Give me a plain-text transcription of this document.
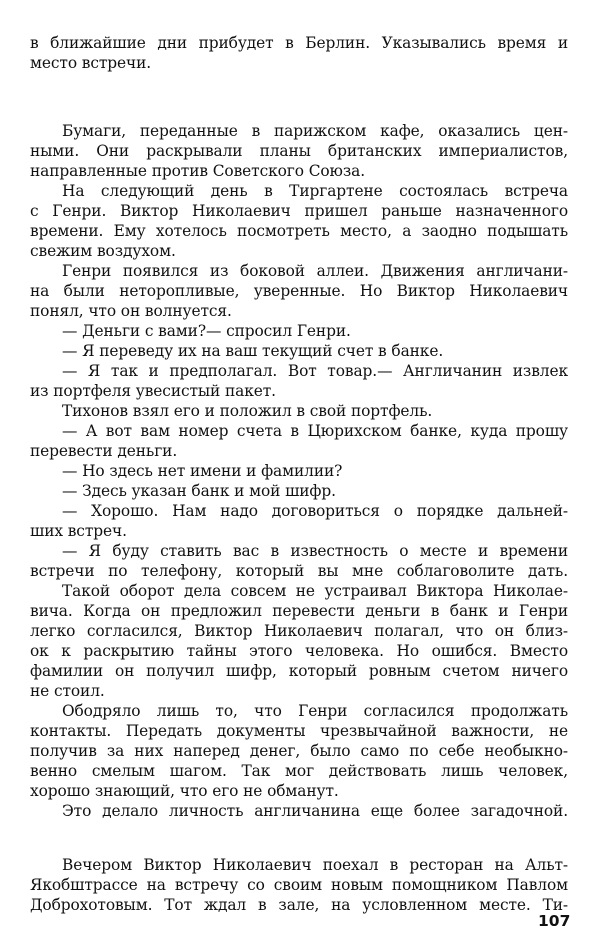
в ближайшие дни прибудет в Берлин. Указывались время и
место встречи.
Бумаги, переданные в парижском кафе, оказались цен-
ными. Они раскрывали планы британских империалистов,
направленные против Советского Союза.
На следующий день в Тиргартене состоялась встреча
с Генри. Виктор Николаевич пришел раньше назначенного
времени. Ему хотелось посмотреть место, а заодно подышать
свежим воздухом.
Генри появился из боковой аллеи. Движения англичани-
на были неторопливые, уверенные. Но Виктор Николаевич
понял, что он волнуется.
— Деньги с вами?— спросил Генри.
— Я переведу их на ваш текущий счет в банке.
— Я так и предполагал. Вот товар.— Англичанин извлек
из портфеля увесистый пакет.
Тихонов взял его и положил в свой портфель.
— А вот вам номер счета в Цюрихском банке, куда прошу
перевести деньги.
— Но здесь нет имени и фамилии?
— Здесь указан банк и мой шифр.
— Хорошо. Нам надо договориться о порядке дальней-
ших встреч.
— Я буду ставить вас в известность о месте и времени
встречи по телефону, который вы мне соблаговолите дать.
Такой оборот дела совсем не устраивал Виктора Николае-
вича. Когда он предложил перевести деньги в банк и Генри
легко согласился, Виктор Николаевич полагал, что он близ-
ок к раскрытию тайны этого человека. Но ошибся. Вместо
фамилии он получил шифр, который ровным счетом ничего
не стоил.
Ободряло лишь то, что Генри согласился продолжать
контакты. Передать документы чрезвычайной важности, не
получив за них наперед денег, было само по себе необыкно-
венно смелым шагом. Так мог действовать лишь человек,
хорошо знающий, что его не обманут.
Это делало личность англичанина еще более загадочной.
Вечером Виктор Николаевич поехал в ресторан на Альт-
Якобштрассе на встречу со своим новым помощником Павлом
Доброхотовым. Тот ждал в зале, на условленном месте. Ти-
107
